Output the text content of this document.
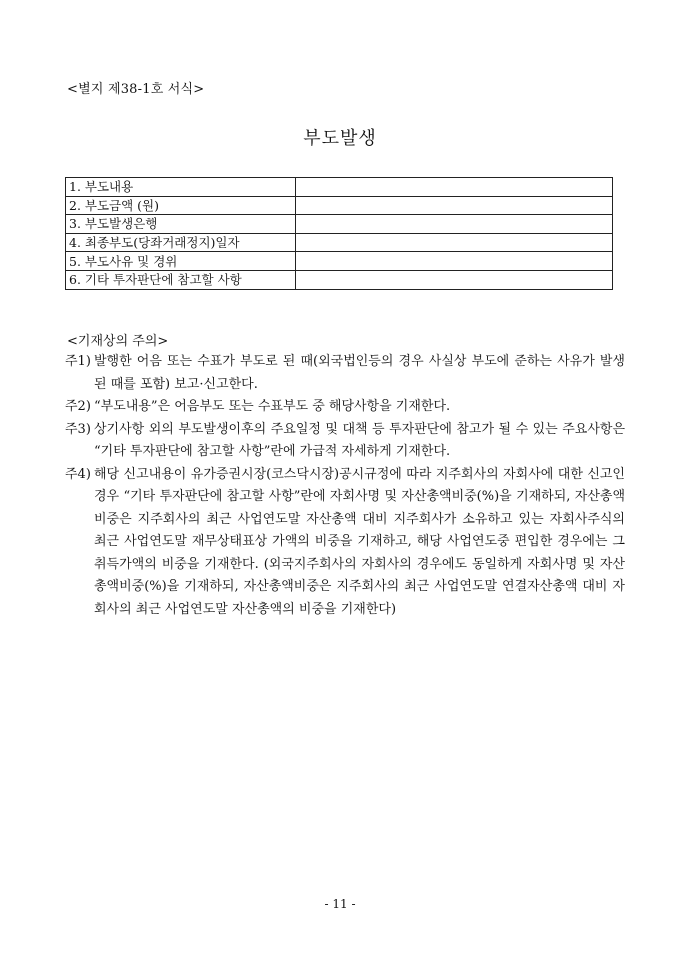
<별지 제38-1호 서식>
부도발생
1. 부도내용	
2. 부도금액 (원)	
3. 부도발생은행	
4. 최종부도(당좌거래정지)일자	
5. 부도사유 및 경위	
6. 기타 투자판단에 참고할 사항	
<기재상의 주의>
주1) 발행한 어음 또는 수표가 부도로 된 때(외국법인등의 경우 사실상 부도에 준하는 사유가 발생된 때를 포함) 보고·신고한다.
주2) “부도내용”은 어음부도 또는 수표부도 중 해당사항을 기재한다.
주3) 상기사항 외의 부도발생이후의 주요일정 및 대책 등 투자판단에 참고가 될 수 있는 주요사항은 “기타 투자판단에 참고할 사항”란에 가급적 자세하게 기재한다.
주4) 해당 신고내용이 유가증권시장(코스닥시장)공시규정에 따라 지주회사의 자회사에 대한 신고인 경우 “기타 투자판단에 참고할 사항”란에 자회사명 및 자산총액비중(%)을 기재하되, 자산총액비중은 지주회사의 최근 사업연도말 자산총액 대비 지주회사가 소유하고 있는 자회사주식의 최근 사업연도말 재무상태표상 가액의 비중을 기재하고, 해당 사업연도중 편입한 경우에는 그 취득가액의 비중을 기재한다. (외국지주회사의 자회사의 경우에도 동일하게 자회사명 및 자산총액비중(%)을 기재하되, 자산총액비중은 지주회사의 최근 사업연도말 연결자산총액 대비 자회사의 최근 사업연도말 자산총액의 비중을 기재한다)
- 11 -
